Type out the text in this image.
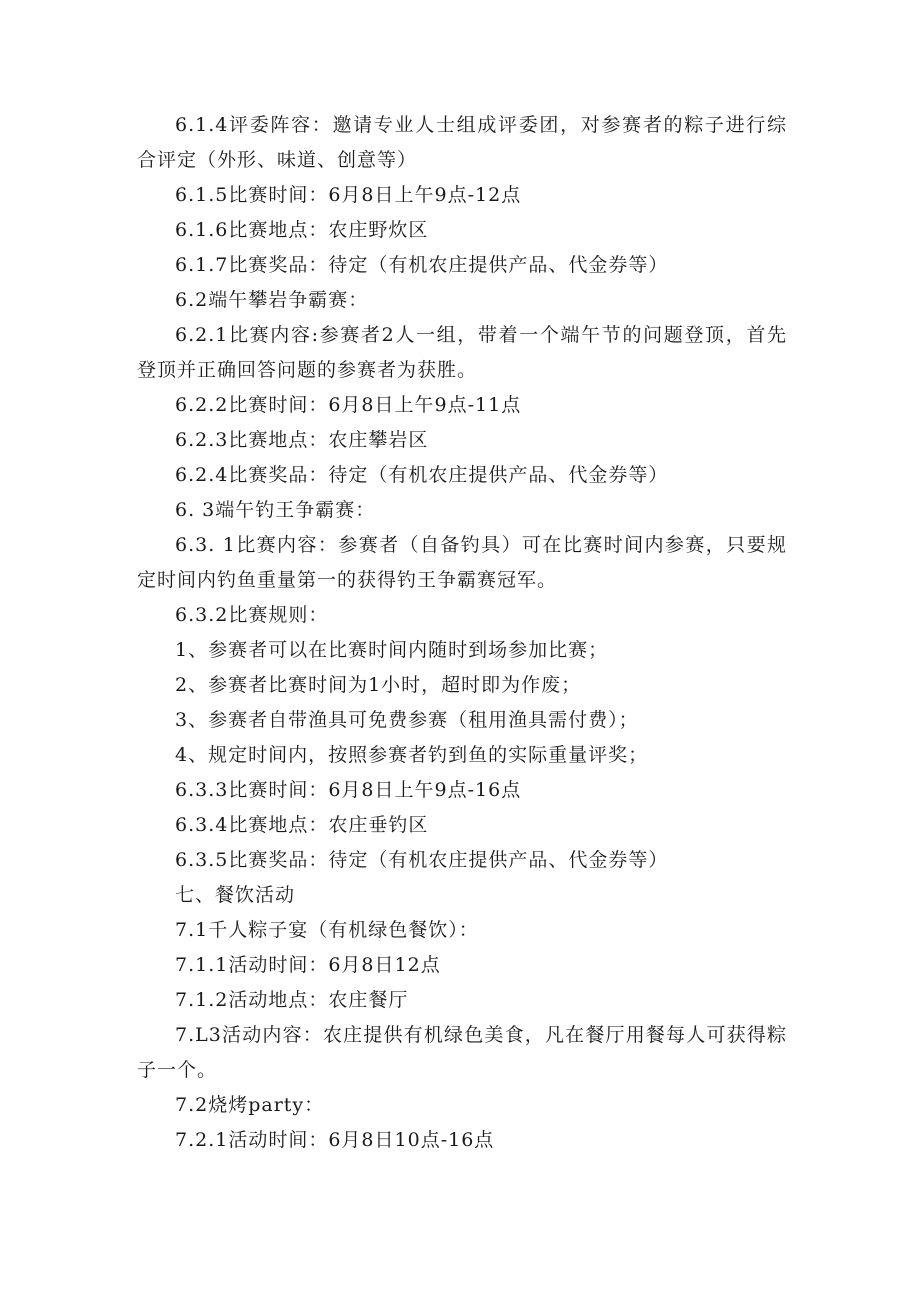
6.1.4评委阵容：邀请专业人士组成评委团，对参赛者的粽子进行综合评定（外形、味道、创意等）

6.1.5比赛时间：6月8日上午9点-12点

6.1.6比赛地点：农庄野炊区

6.1.7比赛奖品：待定（有机农庄提供产品、代金券等）

6.2端午攀岩争霸赛：

6.2.1比赛内容:参赛者2人一组，带着一个端午节的问题登顶，首先登顶并正确回答问题的参赛者为获胜。

6.2.2比赛时间：6月8日上午9点-11点

6.2.3比赛地点：农庄攀岩区

6.2.4比赛奖品：待定（有机农庄提供产品、代金券等）

6. 3端午钓王争霸赛：

6.3. 1比赛内容：参赛者（自备钓具）可在比赛时间内参赛，只要规定时间内钓鱼重量第一的获得钓王争霸赛冠军。

6.3.2比赛规则：

1、参赛者可以在比赛时间内随时到场参加比赛；

2、参赛者比赛时间为1小时，超时即为作废；

3、参赛者自带渔具可免费参赛（租用渔具需付费）；

4、规定时间内，按照参赛者钓到鱼的实际重量评奖；

6.3.3比赛时间：6月8日上午9点-16点

6.3.4比赛地点：农庄垂钓区

6.3.5比赛奖品：待定（有机农庄提供产品、代金券等）

七、餐饮活动

7.1千人粽子宴（有机绿色餐饮）：

7.1.1活动时间：6月8日12点

7.1.2活动地点：农庄餐厅

7.L3活动内容：农庄提供有机绿色美食，凡在餐厅用餐每人可获得粽子一个。

7.2烧烤party：

7.2.1活动时间：6月8日10点-16点
